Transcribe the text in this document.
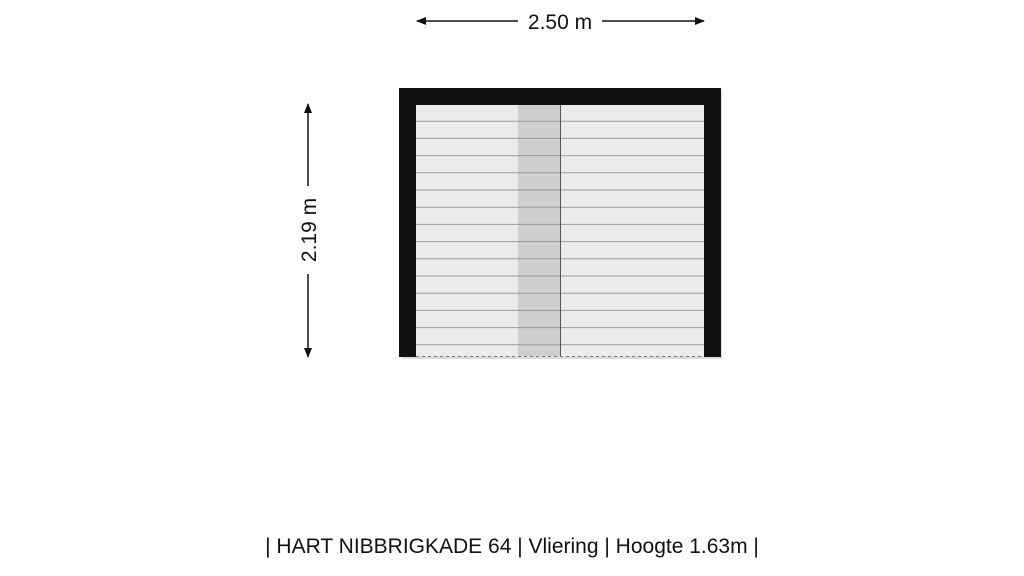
2.50 m
2.19 m
| HART NIBBRIGKADE 64 | Vliering | Hoogte 1.63m |
